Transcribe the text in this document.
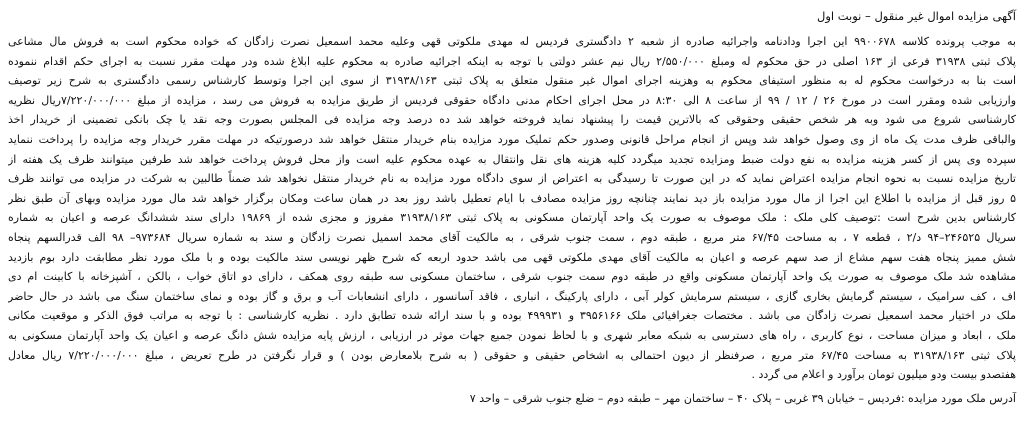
آگهی مزایده اموال غیر منقول – نوبت اول
به موجب پرونده کلاسه ۹۹۰۰۶۷۸ این اجرا ودادنامه واجرائیه صادره از شعبه ۲ دادگستری فردیس له مهدی ملکوتی قهی وعلیه محمد اسمعیل نصرت زادگان که خواده محکوم است به فروش مال مشاعی
پلاک ثبتی ۳۱۹۳۸ فرعی از ۱۶۳ اصلی در حق محکوم له ومبلغ ۲/۵۵۰/۰۰۰ ریال نیم عشر دولتی با توجه به اینکه اجرائیه صادره به محکوم علیه ابلاغ شده ودر مهلت مقرر نسبت به اجرای حکم اقدام ننموده
است بنا به درخواست محکوم له به منظور استیفای محکوم به وهزینه اجرای اموال غیر منقول متعلق به پلاک ثبتی ۳۱۹۳۸/۱۶۳ از سوی این اجرا وتوسط کارشناس رسمی دادگستری به شرح زیر توصیف
وارزیابی شده ومقرر است در مورخ ۲۶ / ۱۲ / ۹۹ از ساعت ۸ الی ۸:۳۰ در محل اجرای احکام مدنی دادگاه حقوقی فردیس از طریق مزایده به فروش می رسد ، مزایده از مبلغ ۷/۲۲۰/۰۰۰/۰۰۰ریال نظریه
کارشناسی شروع می شود وبه هر شخص حقیقی وحقوقی که بالاترین قیمت را پیشنهاد نماید فروخته خواهد شد ده درصد وجه مزایده فی المجلس بصورت وجه نقد یا چک بانکی تضمینی از خریدار اخذ
والباقی ظرف مدت یک ماه از وی وصول خواهد شد وپس از انجام مراحل قانونی وصدور حکم تملیک مورد مزایده بنام خریدار منتقل خواهد شد درصورتیکه در مهلت مقرر خریدار وجه مزایده را پرداخت ننماید
سپرده وی پس از کسر هزینه مزایده به نفع دولت ضبط ومزایده تجدید میگردد کلیه هزینه های نقل وانتقال به عهده محکوم علیه است واز محل فروش پرداخت خواهد شد طرفین میتوانند ظرف یک هفته از
تاریخ مزایده نسبت به نحوه انجام مزایده اعتراض نماید که در این صورت تا رسیدگی به اعتراض از سوی دادگاه مورد مزایده به نام خریدار منتقل نخواهد شد ضمناً طالبین به شرکت در مزایده می توانند ظرف
۵ روز قبل از مزایده با اطلاع این اجرا از مال مورد مزایده باز دید نمایند چنانچه روز مزایده مصادف با ایام تعطیل باشد روز بعد در همان ساعت ومکان برگزار خواهد شد مال مورد مزایده وبهای آن طبق نظر
کارشناس بدین شرح است :توصیف کلی ملک : ملک موصوف به صورت یک واحد آپارتمان مسکونی به پلاک ثبتی ۳۱۹۳۸/۱۶۳ مفروز و مجزی شده از ۱۹۸۶۹ دارای سند ششدانگ عرصه و اعیان به شماره
سریال ۲۴۶۵۲۵–۹۴ د/۲ ، قطعه ۷ ، به مساحت ۶۷/۴۵ متر مربع ، طبقه دوم ، سمت جنوب شرقی ، به مالکیت آقای محمد اسمیل نصرت زادگان و سند به شماره سریال ۹۷۳۶۸۴– ۹۸ الف قدرالسهم پنجاه
شش ممیز پنجاه هفت سهم مشاع از صد سهم عرصه و اعیان به مالکیت آقای مهدی ملکوتی قهی می باشد حدود اربعه که شرح ظهر نویسی سند مالکیت بوده و با ملک مورد نظر مطابقت دارد بوم بازدید
مشاهده شد ملک موصوف به صورت یک واحد آپارتمان مسکونی واقع در طبقه دوم سمت جنوب شرقی ، ساختمان مسکونی سه طبقه روی همکف ، دارای دو اتاق خواب ، بالکن ، آشپزخانه با کابینت ام دی
اف ، کف سرامیک ، سیستم گرمایش بخاری گازی ، سیستم سرمایش کولر آبی ، دارای پارکینگ ، انباری ، فاقد آسانسور ، دارای انشعابات آب و برق و گاز بوده و نمای ساختمان سنگ می باشد در حال حاضر
ملک در اختیار محمد اسمعیل نصرت زادگان می باشد . مختصات جغرافیائی ملک ۳۹۵۶۱۶۶ و ۴۹۹۹۳۱ بوده و با سند ارائه شده تطابق دارد . نظریه کارشناسی : با توجه به مراتب فوق الذکر و موقعیت مکانی
ملک ، ابعاد و میزان مساحت ، نوع کاربری ، راه های دسترسی به شبکه معابر شهری و با لحاظ نمودن جمیع جهات موثر در ارزیابی ، ارزش پایه مزایده شش دانگ عرصه و اعیان یک واحد آپارتمان مسکونی به
پلاک ثبتی ۳۱۹۳۸/۱۶۳ به مساحت ۶۷/۴۵ متر مربع ، صرفنظر از دیون احتمالی به اشخاص حقیقی و حقوقی ( به شرح بلامعارض بودن ) و قرار نگرفتن در طرح تعریض ، مبلغ ۷/۲۲۰/۰۰۰/۰۰۰ ریال معادل
هفتصدو بیست ودو میلیون تومان برآورد و اعلام می گردد .
آدرس ملک مورد مزایده :فردیس – خیابان ۳۹ غربی – پلاک ۴۰ – ساختمان مهر – طبقه دوم – ضلع جنوب شرقی – واحد ۷
